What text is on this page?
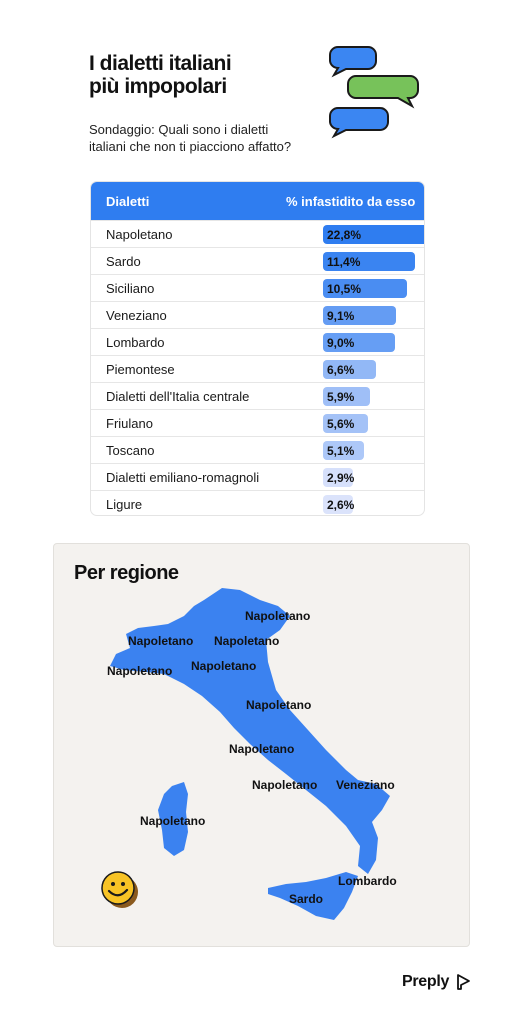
I dialetti italiani
più impopolari
Sondaggio: Quali sono i dialetti
italiani che non ti piacciono affatto?
Dialetti	% infastidito da esso
Napoletano	22,8%
Sardo	11,4%
Siciliano	10,5%
Veneziano	9,1%
Lombardo	9,0%
Piemontese	6,6%
Dialetti dell'Italia centrale	5,9%
Friulano	5,6%
Toscano	5,1%
Dialetti emiliano-romagnoli	2,9%
Ligure	2,6%
Per regione
Napoletano
Napoletano Napoletano
Napoletano Napoletano
Napoletano
Napoletano
Napoletano Veneziano
Napoletano
Lombardo
Sardo
Preply
